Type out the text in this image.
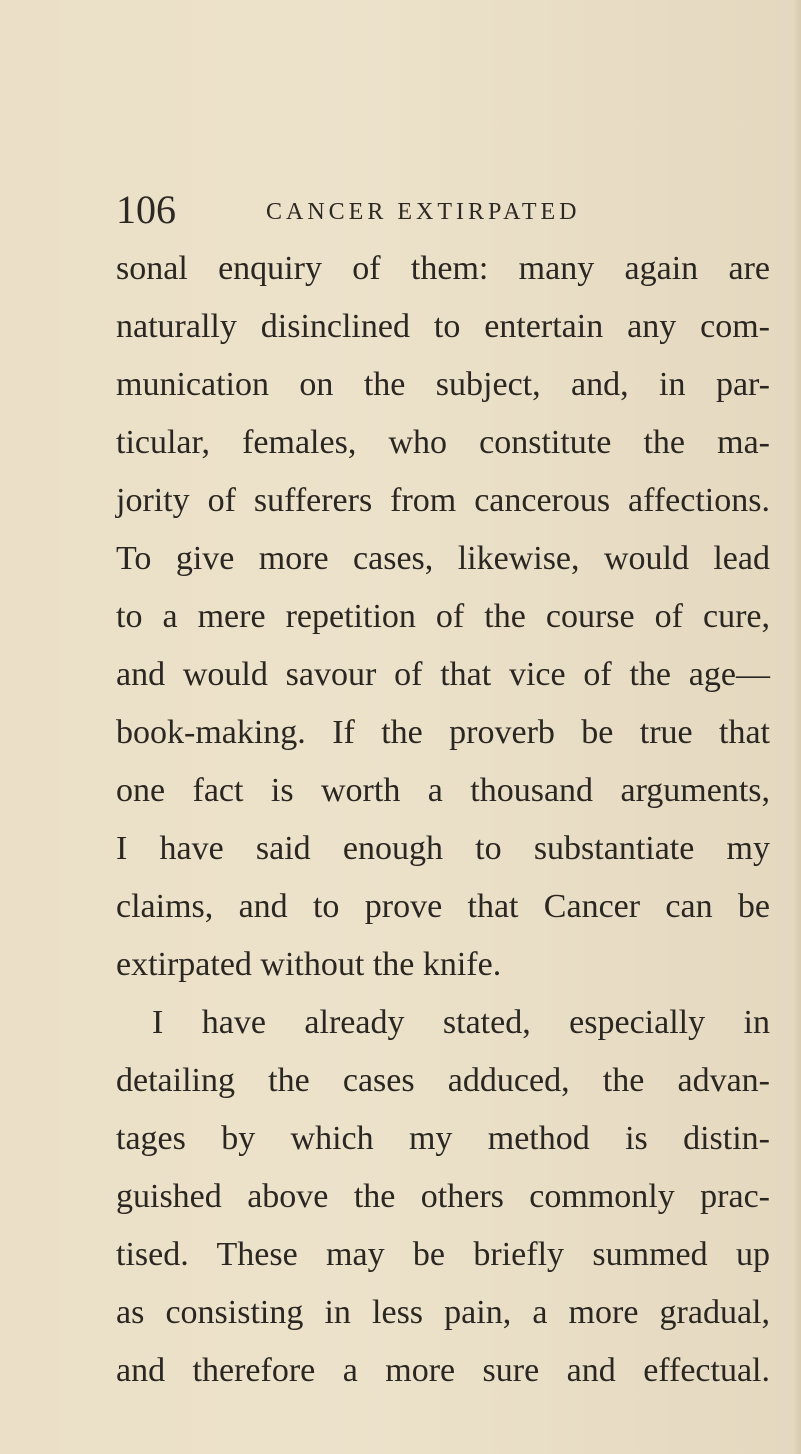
106	CANCER EXTIRPATED
sonal enquiry of them: many again are
naturally disinclined to entertain any com-
munication on the subject, and, in par-
ticular, females, who constitute the ma-
jority of sufferers from cancerous affections.
To give more cases, likewise, would lead
to a mere repetition of the course of cure,
and would savour of that vice of the age—
book-making. If the proverb be true that
one fact is worth a thousand arguments,
I have said enough to substantiate my
claims, and to prove that Cancer can be
extirpated without the knife.
I have already stated, especially in
detailing the cases adduced, the advan-
tages by which my method is distin-
guished above the others commonly prac-
tised. These may be briefly summed up
as consisting in less pain, a more gradual,
and therefore a more sure and effectual.
